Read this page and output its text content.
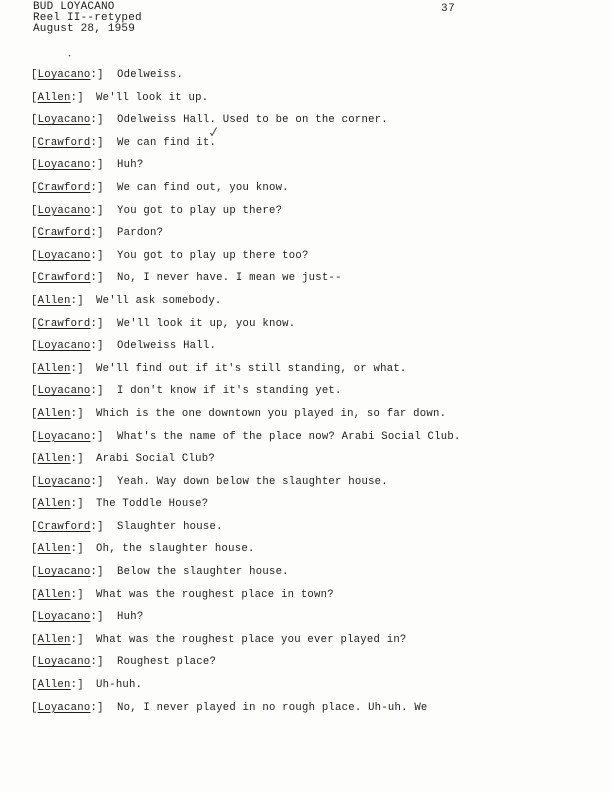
BUD LOYACANO
Reel II--retyped
August 28, 1959
37
[Loyacano:] Odelweiss.
[Allen:] We'll look it up.
[Loyacano:] Odelweiss Hall. Used to be on the corner.
[Crawford:] We can find it.
[Loyacano:] Huh?
[Crawford:] We can find out, you know.
[Loyacano:] You got to play up there?
[Crawford:] Pardon?
[Loyacano:] You got to play up there too?
[Crawford:] No, I never have. I mean we just--
[Allen:] We'll ask somebody.
[Crawford:] We'll look it up, you know.
[Loyacano:] Odelweiss Hall.
[Allen:] We'll find out if it's still standing, or what.
[Loyacano:] I don't know if it's standing yet.
[Allen:] Which is the one downtown you played in, so far down.
[Loyacano:] What's the name of the place now? Arabi Social Club.
[Allen:] Arabi Social Club?
[Loyacano:] Yeah. Way down below the slaughter house.
[Allen:] The Toddle House?
[Crawford:] Slaughter house.
[Allen:] Oh, the slaughter house.
[Loyacano:] Below the slaughter house.
[Allen:] What was the roughest place in town?
[Loyacano:] Huh?
[Allen:] What was the roughest place you ever played in?
[Loyacano:] Roughest place?
[Allen:] Uh-huh.
[Loyacano:] No, I never played in no rough place. Uh-uh. We
